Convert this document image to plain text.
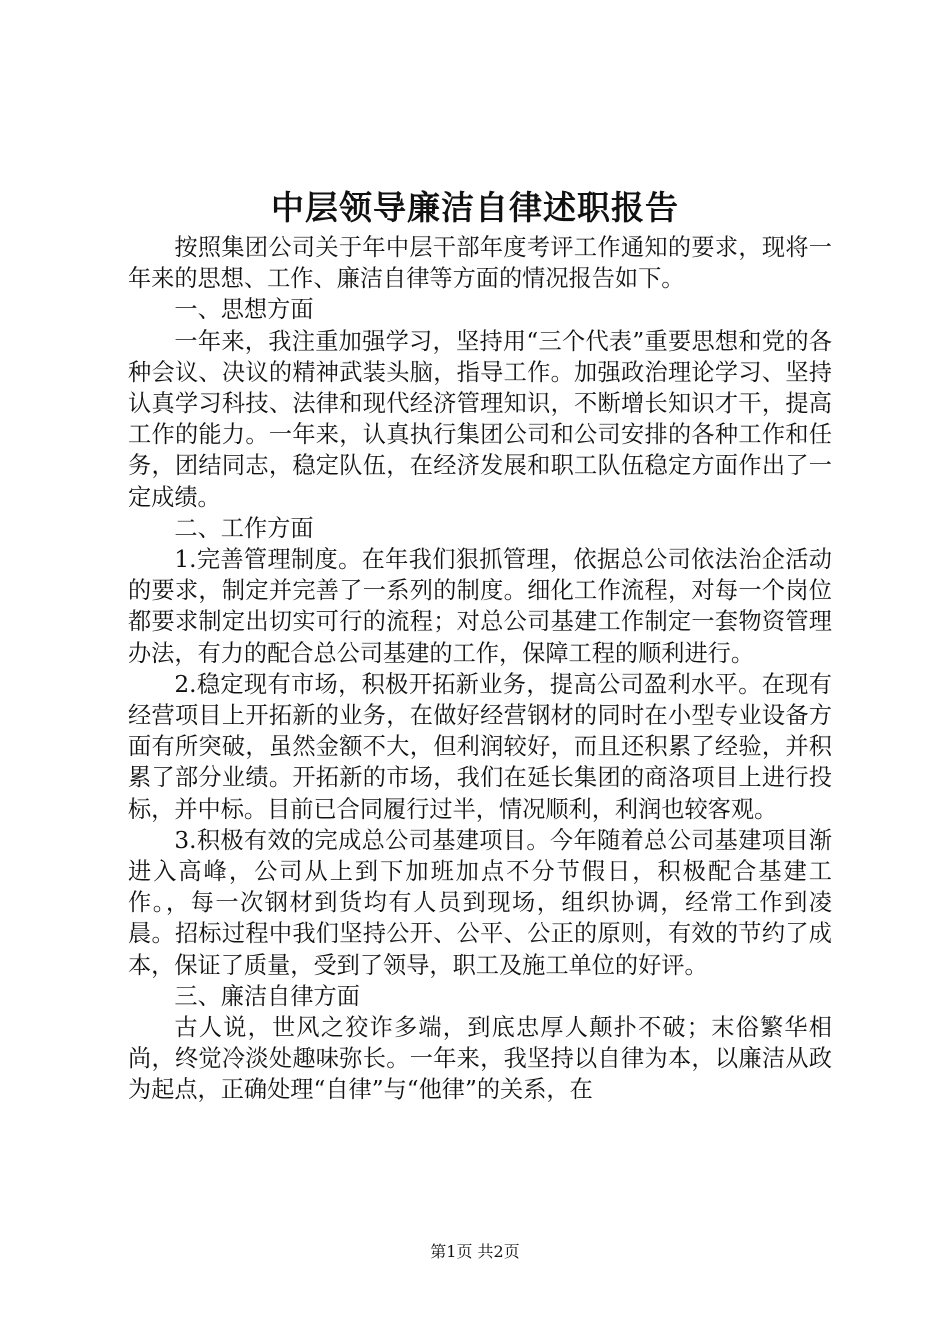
中层领导廉洁自律述职报告

按照集团公司关于年中层干部年度考评工作通知的要求，现将一年来的思想、工作、廉洁自律等方面的情况报告如下。

一、思想方面

一年来，我注重加强学习，坚持用“三个代表”重要思想和党的各种会议、决议的精神武装头脑，指导工作。加强政治理论学习、坚持认真学习科技、法律和现代经济管理知识，不断增长知识才干，提高工作的能力。一年来，认真执行集团公司和公司安排的各种工作和任务，团结同志，稳定队伍，在经济发展和职工队伍稳定方面作出了一定成绩。

二、工作方面

1.完善管理制度。在年我们狠抓管理，依据总公司依法治企活动的要求，制定并完善了一系列的制度。细化工作流程，对每一个岗位都要求制定出切实可行的流程；对总公司基建工作制定一套物资管理办法，有力的配合总公司基建的工作，保障工程的顺利进行。

2.稳定现有市场，积极开拓新业务，提高公司盈利水平。在现有经营项目上开拓新的业务，在做好经营钢材的同时在小型专业设备方面有所突破，虽然金额不大，但利润较好，而且还积累了经验，并积累了部分业绩。开拓新的市场，我们在延长集团的商洛项目上进行投标，并中标。目前已合同履行过半，情况顺利，利润也较客观。

3.积极有效的完成总公司基建项目。今年随着总公司基建项目渐进入高峰，公司从上到下加班加点不分节假日，积极配合基建工作。，每一次钢材到货均有人员到现场，组织协调，经常工作到凌晨。招标过程中我们坚持公开、公平、公正的原则，有效的节约了成本，保证了质量，受到了领导，职工及施工单位的好评。

三、廉洁自律方面

古人说，世风之狡诈多端，到底忠厚人颠扑不破；末俗繁华相尚，终觉冷淡处趣味弥长。一年来，我坚持以自律为本，以廉洁从政为起点，正确处理“自律”与“他律”的关系，在

第1页 共2页
